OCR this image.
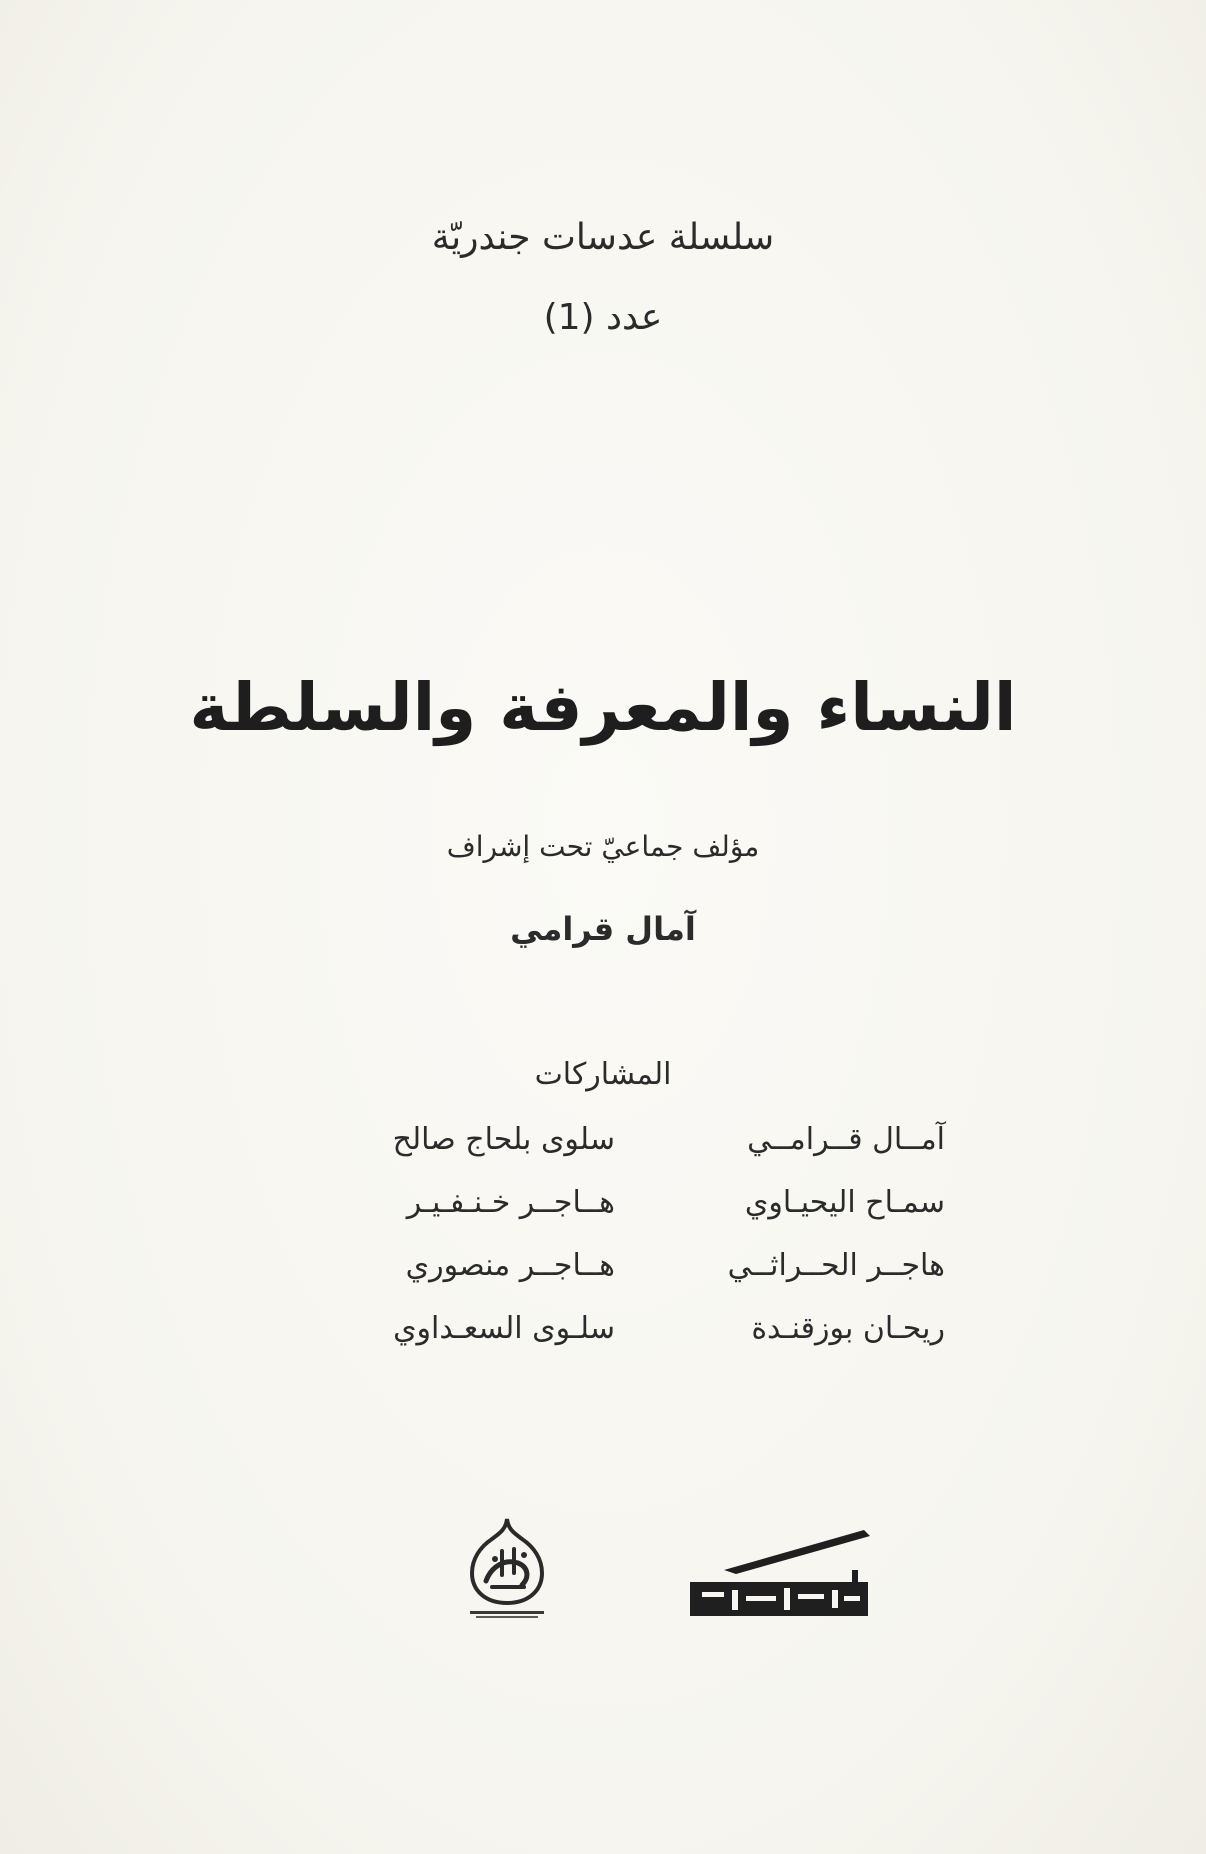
سلسلة عدسات جندريّة
عدد (1)
النساء والمعرفة والسلطة
مؤلف جماعيّ تحت إشراف
آمال قرامي
المشاركات
آمــال قــرامــي
سمـاح اليحيـاوي
هاجــر الحــراثــي
ريحـان بوزقنـدة
سلوى بلحاج صالح
هــاجــر خـنـفـيـر
هــاجــر منصوري
سلـوى السعـداوي
